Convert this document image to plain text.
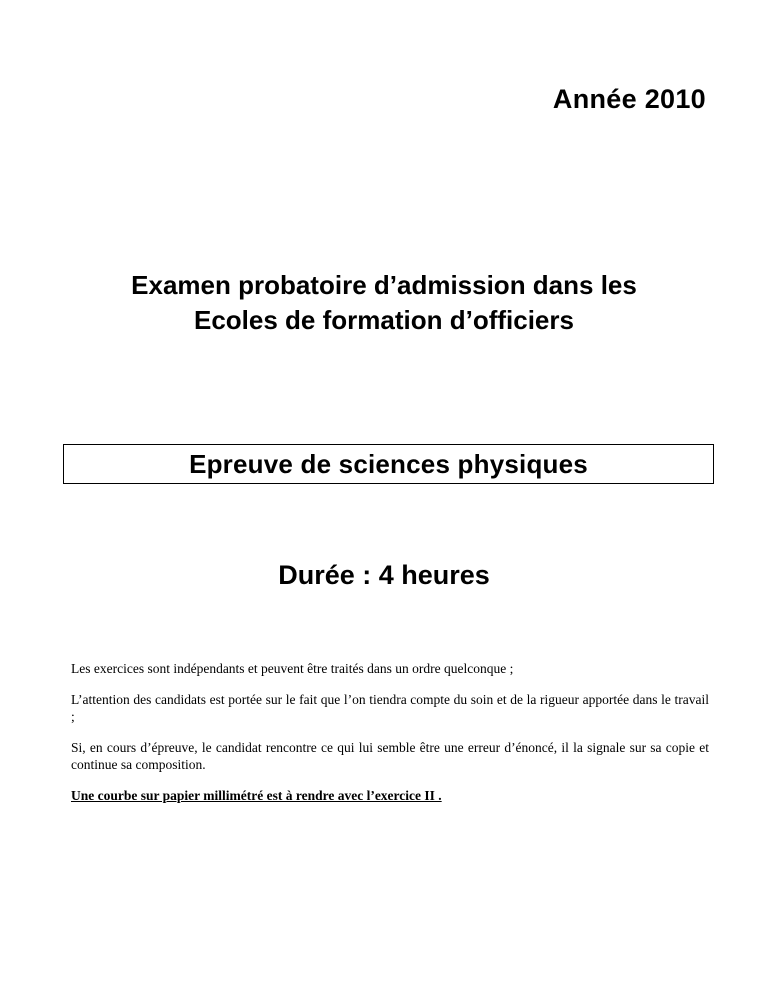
Année 2010
Examen probatoire d’admission dans les
Ecoles de formation d’officiers
Epreuve de sciences physiques
Durée : 4 heures

Les exercices sont indépendants et peuvent être traités dans un ordre quelconque ;

L’attention des candidats est portée sur le fait que l’on tiendra compte du soin et de la rigueur apportée dans le travail ;

Si, en cours d’épreuve, le candidat rencontre ce qui lui semble être une erreur d’énoncé, il la signale sur sa copie et continue sa composition.

Une courbe sur papier millimétré est à rendre avec l’exercice II .
